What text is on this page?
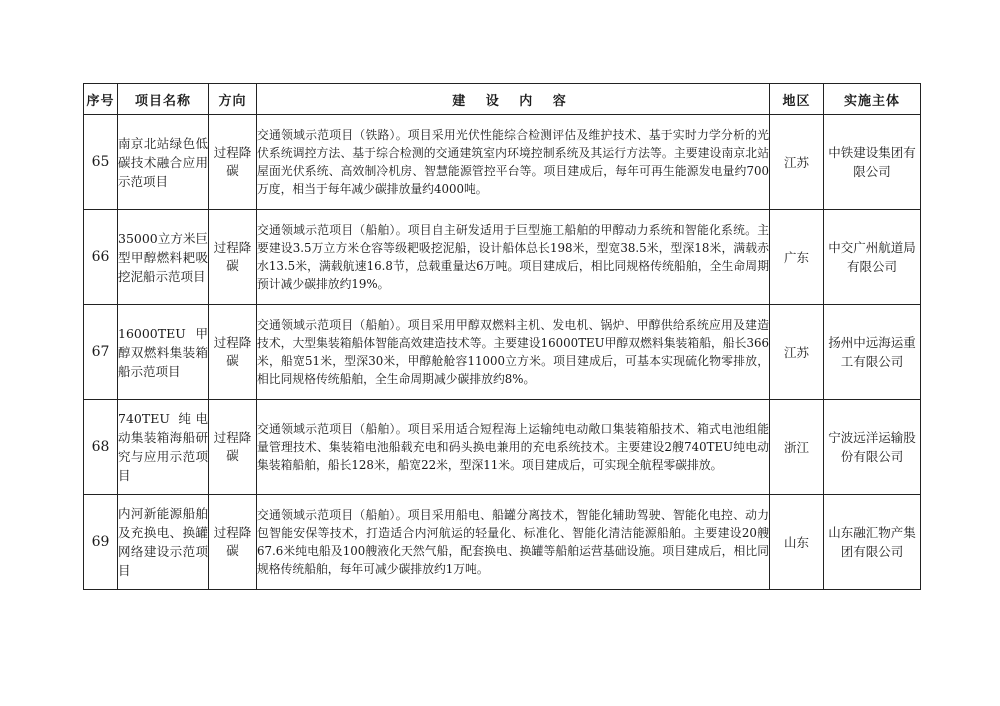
序号	项目名称	方向	建 设 内 容	地区	实施主体
65	南京北站绿色低碳技术融合应用示范项目	过程降碳	交通领域示范项目（铁路）。项目采用光伏性能综合检测评估及维护技术、基于实时力学分析的光伏系统调控方法、基于综合检测的交通建筑室内环境控制系统及其运行方法等。主要建设南京北站屋面光伏系统、高效制冷机房、智慧能源管控平台等。项目建成后，每年可再生能源发电量约700万度，相当于每年减少碳排放量约4000吨。	江苏	中铁建设集团有限公司
66	35000立方米巨型甲醇燃料耙吸挖泥船示范项目	过程降碳	交通领域示范项目（船舶）。项目自主研发适用于巨型施工船舶的甲醇动力系统和智能化系统。主要建设3.5万立方米仓容等级耙吸挖泥船，设计船体总长198米，型宽38.5米，型深18米，满载赤水13.5米，满载航速16.8节，总载重量达6万吨。项目建成后，相比同规格传统船舶，全生命周期预计减少碳排放约19%。	广东	中交广州航道局有限公司
67	16000TEU 甲醇双燃料集装箱船示范项目	过程降碳	交通领域示范项目（船舶）。项目采用甲醇双燃料主机、发电机、锅炉、甲醇供给系统应用及建造技术，大型集装箱船体智能高效建造技术等。主要建设16000TEU甲醇双燃料集装箱船，船长366米，船宽51米，型深30米，甲醇舱舱容11000立方米。项目建成后，可基本实现硫化物零排放，相比同规格传统船舶，全生命周期减少碳排放约8%。	江苏	扬州中远海运重工有限公司
68	740TEU 纯电动集装箱海船研究与应用示范项目	过程降碳	交通领域示范项目（船舶）。项目采用适合短程海上运输纯电动敞口集装箱船技术、箱式电池组能量管理技术、集装箱电池船载充电和码头换电兼用的充电系统技术。主要建设2艘740TEU纯电动集装箱船舶，船长128米，船宽22米，型深11米。项目建成后，可实现全航程零碳排放。	浙江	宁波远洋运输股份有限公司
69	内河新能源船舶及充换电、换罐网络建设示范项目	过程降碳	交通领域示范项目（船舶）。项目采用船电、船罐分离技术，智能化辅助驾驶、智能化电控、动力包智能安保等技术，打造适合内河航运的轻量化、标准化、智能化清洁能源船舶。主要建设20艘67.6米纯电船及100艘液化天然气船，配套换电、换罐等船舶运营基础设施。项目建成后，相比同规格传统船舶，每年可减少碳排放约1万吨。	山东	山东融汇物产集团有限公司
